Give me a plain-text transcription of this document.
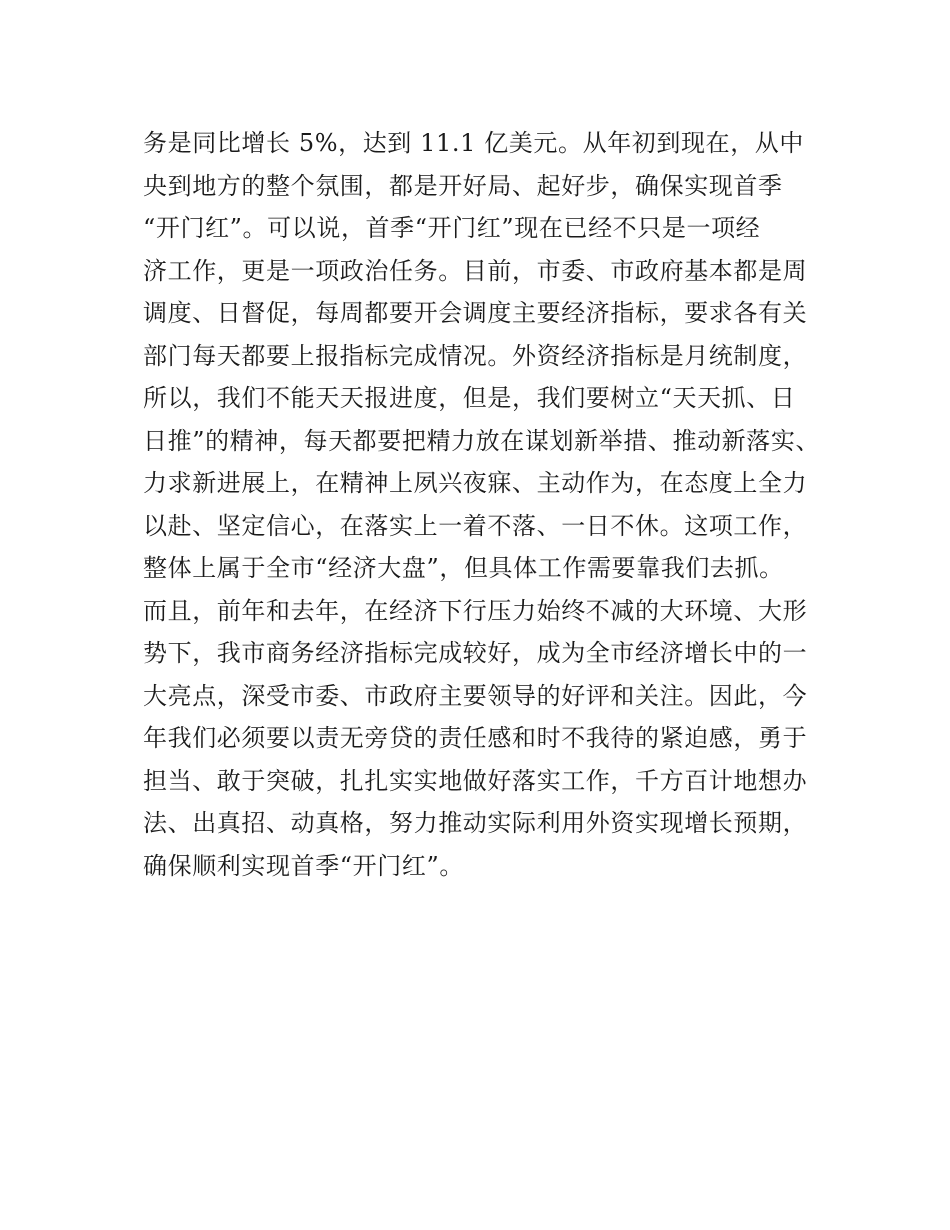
务是同比增长 5%，达到 11.1 亿美元。从年初到现在，从中
央到地方的整个氛围，都是开好局、起好步，确保实现首季
“开门红”。可以说，首季“开门红”现在已经不只是一项经
济工作，更是一项政治任务。目前，市委、市政府基本都是周
调度、日督促，每周都要开会调度主要经济指标，要求各有关
部门每天都要上报指标完成情况。外资经济指标是月统制度，
所以，我们不能天天报进度，但是，我们要树立“天天抓、日
日推”的精神，每天都要把精力放在谋划新举措、推动新落实、
力求新进展上，在精神上夙兴夜寐、主动作为，在态度上全力
以赴、坚定信心，在落实上一着不落、一日不休。这项工作，
整体上属于全市“经济大盘”，但具体工作需要靠我们去抓。
而且，前年和去年，在经济下行压力始终不减的大环境、大形
势下，我市商务经济指标完成较好，成为全市经济增长中的一
大亮点，深受市委、市政府主要领导的好评和关注。因此，今
年我们必须要以责无旁贷的责任感和时不我待的紧迫感，勇于
担当、敢于突破，扎扎实实地做好落实工作，千方百计地想办
法、出真招、动真格，努力推动实际利用外资实现增长预期，
确保顺利实现首季“开门红”。
